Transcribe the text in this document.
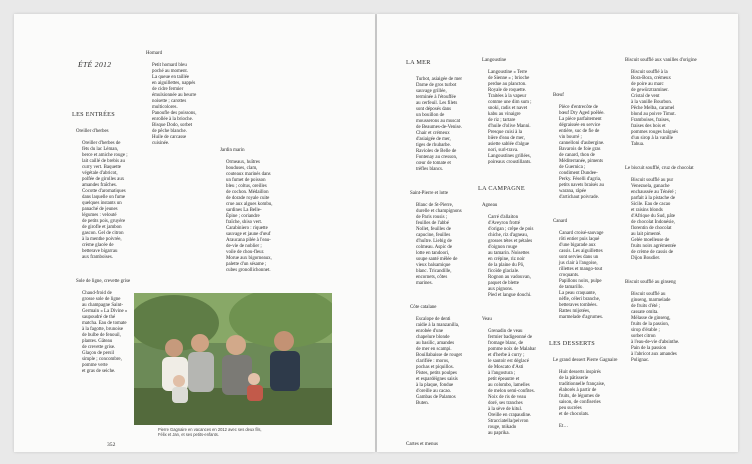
ÉTÉ 2012

LES ENTRÉES

Oreiller d'herbes

Oreiller d'herbes de
fèts du lac Léman,
berce et amiche rouge ;
lait caillé de brebis au
curry vert. Baquette
végétale d'abricot,
polfée de girolles aux
amandes fraîches.
Cocotte d'aromatiques
dans laquelle on fume
quelques instants un
panaché de jeunes
légumes : velouté
de petits pois, gruyère
de girofle et jambon
gascon. Gel de citron
à la menthe poivrée,
crème glacée de
betterave bigarrau
aux framboises.

Sole de ligne, crevette grise

Chaud-froid de
grosse sole de ligne
au champagne Saint-
Germain « La Divine »
saupoudré de thé
matcha. Eau de tomate
à la fagotte, brunoise
de bulbe de fenouil,
plantes. Gâteau
de crevette grise.
Glaçon de persil
simple ; concombre,
pomme verte
et gras de seiche.

Homard

Petit homard bleu
poché au moment.
La queue en taillée
en aiguillettes, nappés
de cidre fermier
émulsionnée au beurre
noisette ; carottes
multicolores.
Panoufle des poissons,
enrollée à la brioche.
Bisque Dodo, sorbet
de pêche blanche.
Huile de carcasse
cuisinée.

Jardin marin

Ormeaux, huîtres
bouduses, clam,
couteaux marinés dans
un fumet de poisson
bleu ; coltus, oreilles
de cochon. Médaillon
de dorade royale cuite
crue aux algues kombu,
sardines La Belle-
Épine ; coriandre
fraîche, shiso vert.
Carabiniero : riquette
sauvage et jaune d'œuf
Araucana pilée à l'eau-
de-vie de noblier ;
voile de chou-fleur.
Morue aux bigorneaux,
palette d'un sésame ;
cubes gronollichonnet.

Pierre Gagnaire en vacances en 2012 avec ses deux fils,
Félix et Jan, et ses petits-enfants.
352

LA MER

Turbot, asiaigée de mer
Darne de gros turbot
sauvage grillée,
terminée à l'étouffée
au cerfeuil. Les filets
sont déposés dans
un bouillon de
mousserons au muscat
de Beaumes-de-Venise.
Chair et crémeux
d'asiaigée de mer,
tiges de rhubarbe.
Ravioles de Belle de
Fontenay au cresson,
cœur de tomate et
trèfles blancs.

Saint-Pierre et lotte

Blanc de St-Pierre,
durelle et champignons
de Paris rousis ;
feuilles de l'abbé
Nollet, feuilles de
capucine, feuilles
d'huître. Liebig de
colmeau. Aspic de
lotte en tandoori,
soupe santé mêlée de
vieux balsamique
blanc. Tricandille,
encornets, côtes
marines.

Côte catalane

Escalope de denti
raidie à la manzanilla,
enrobée d'une
chapelure blonde
au basilic, amandes
de mer en scampi.
Bouillabaisse de rouget
clarifiée : moros,
pochas et piquillos.
Pistes, petits poulpes
et espardéignes saisis
à la plaque, fondue
d'oreille au cacao.
Gambas de Palamos
Buten.

Langoustine

Langoustine « Terre
de Sienne » ; brioche
perdue au plancton.
Royale de roquette.
Traitées à la vapeur
comme une dim sum ;
snoki, radis et navet
kabu au vinaigre
de riz ; tartare
d'huile d'olive Manni.
Presque cuisi à la
bière d'eau de mer,
asiette sablée d'algue
nori, surl-trava.
Langoustines grillées,
poireaux croustillants.

LA CAMPAGNE

Agneau

Carré d'allaiton
d'Aveyron frotté
d'origan ; crêpe de pois
chiche, riz d'agneau,
grosses tétes et pétales
d'oignon rouge
au tamarin. Noisettes
en crépine, riz noir
de la plaine du Pô,
ficoïde glaciale.
Rognon au vadouvan,
paquet de blette
aux pignons.
Pied et langue douchi.

Veau

Grenadin de veau
fermier badigeonné de
fromage blanc, de
pomme noix de Malabar
et d'herbe à curry ;
le sautoir est déglacé
de Moscato d'Asti
à l'angostura ;
petit épeautre et
au colombo, lamelles
de melon semi-confites.
Noix de ris de veau
doré, ses tranches
à la sève de kitul.
Oreille en crapaudine.
Stracciatella/peivron
rouge, mikado
au paprika.

Bœuf

Pièce d'entrecôte de
bœuf Dry Aged poêlée.
La pièce parfaitement
dégraissée en service
entière, suc de fie de
vin bourré ;
cannelloni d'aubergine.
Bavarois de foie gras
de canard, thon de
Méditerranée, piments
de Guernica ;
condiment Dundee-
Perky. Féselli d'agria,
petits navets braisés au
warana, râpée
d'artichaut poivrade.

Canard

Canard croisé-sauvage
rôti entier puis laqué
d'une bigarade aux
cassis. Les aiguillettes
sont servies dans un
jus clair à l'angoise,
rillettes et mango-tout
croquants.
Papillons noirs, pulpe
de tamarillo.
La peau craquante,
nèfle, céleri branche,
betteraves tombées.
Rattes mijotées,
marmelade d'agrumes.

LES DESSERTS

Le grand dessert Pierre Gagnaire

Huit desserts inspirés
de la pâtisserie
traditionnelle française,
élaborés à partir de
fruits, de légumes de
saison, de confiseries
peu sucrées
et de chocolats.

Et…

Biscuit soufflé aux vanilles d'origine

Biscuit soufflé à la
Bora-Bora, crémeux
de poire au marc
de gewürztraminer.
Cristal de vent
à la vanille Bourbon.
Pêche Melba, caramel
blond au poivre Timut.
Framboises, fraises,
fraises des bois et
pommes rouges baignés
d'un sirop à la vanille
Tahua.

Le biscuit soufflé, cruz de chocolat

Biscuit soufflé au pur
Venezuela, ganache
enchaussée au Ténéré ;
parfait à la pistache de
Sicile. Eau de cacao
et raisins blonds
d'Afrique du Sud, pâte
de chocolat Indonésie,
florentin de chocolat
au lait pimenté.
Gelée moelleuse de
fruits noirs agrémentée
de crème de cassis de
Dijon Boudier.

Biscuit soufflé au ginseng

Biscuit soufflé au
ginseng, marmelade
de fruits d'été ;
cassate omita.
Mélasse de ginseng,
fruits de la passion,
sirop d'érable ;
sorbet citron
à l'eau-de-vie d'absinthe.
Pain de la passion
à l'abricot aux amandes
Polignac.

Cartes et menus
